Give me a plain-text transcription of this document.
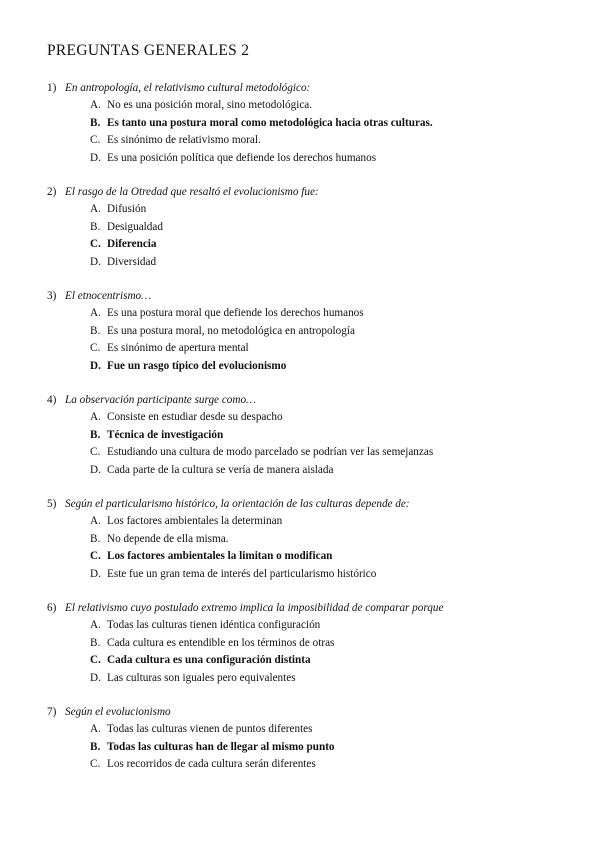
PREGUNTAS GENERALES 2
1) En antropología, el relativismo cultural metodológico:
A. No es una posición moral, sino metodológica.
B. Es tanto una postura moral como metodológica hacia otras culturas.
C. Es sinónimo de relativismo moral.
D. Es una posición política que defiende los derechos humanos
2) El rasgo de la Otredad que resaltó el evolucionismo fue:
A. Difusión
B. Desigualdad
C. Diferencia
D. Diversidad
3) El etnocentrismo…
A. Es una postura moral que defiende los derechos humanos
B. Es una postura moral, no metodológica en antropología
C. Es sinónimo de apertura mental
D. Fue un rasgo típico del evolucionismo
4) La observación participante surge como…
A. Consiste en estudiar desde su despacho
B. Técnica de investigación
C. Estudiando una cultura de modo parcelado se podrían ver las semejanzas
D. Cada parte de la cultura se vería de manera aislada
5) Según el particularismo histórico, la orientación de las culturas depende de:
A. Los factores ambientales la determinan
B. No depende de ella misma.
C. Los factores ambientales la limitan o modifican
D. Este fue un gran tema de interés del particularismo histórico
6) El relativismo cuyo postulado extremo implica la imposibilidad de comparar porque
A. Todas las culturas tienen idéntica configuración
B. Cada cultura es entendible en los términos de otras
C. Cada cultura es una configuración distinta
D. Las culturas son iguales pero equivalentes
7) Según el evolucionismo
A. Todas las culturas vienen de puntos diferentes
B. Todas las culturas han de llegar al mismo punto
C. Los recorridos de cada cultura serán diferentes
